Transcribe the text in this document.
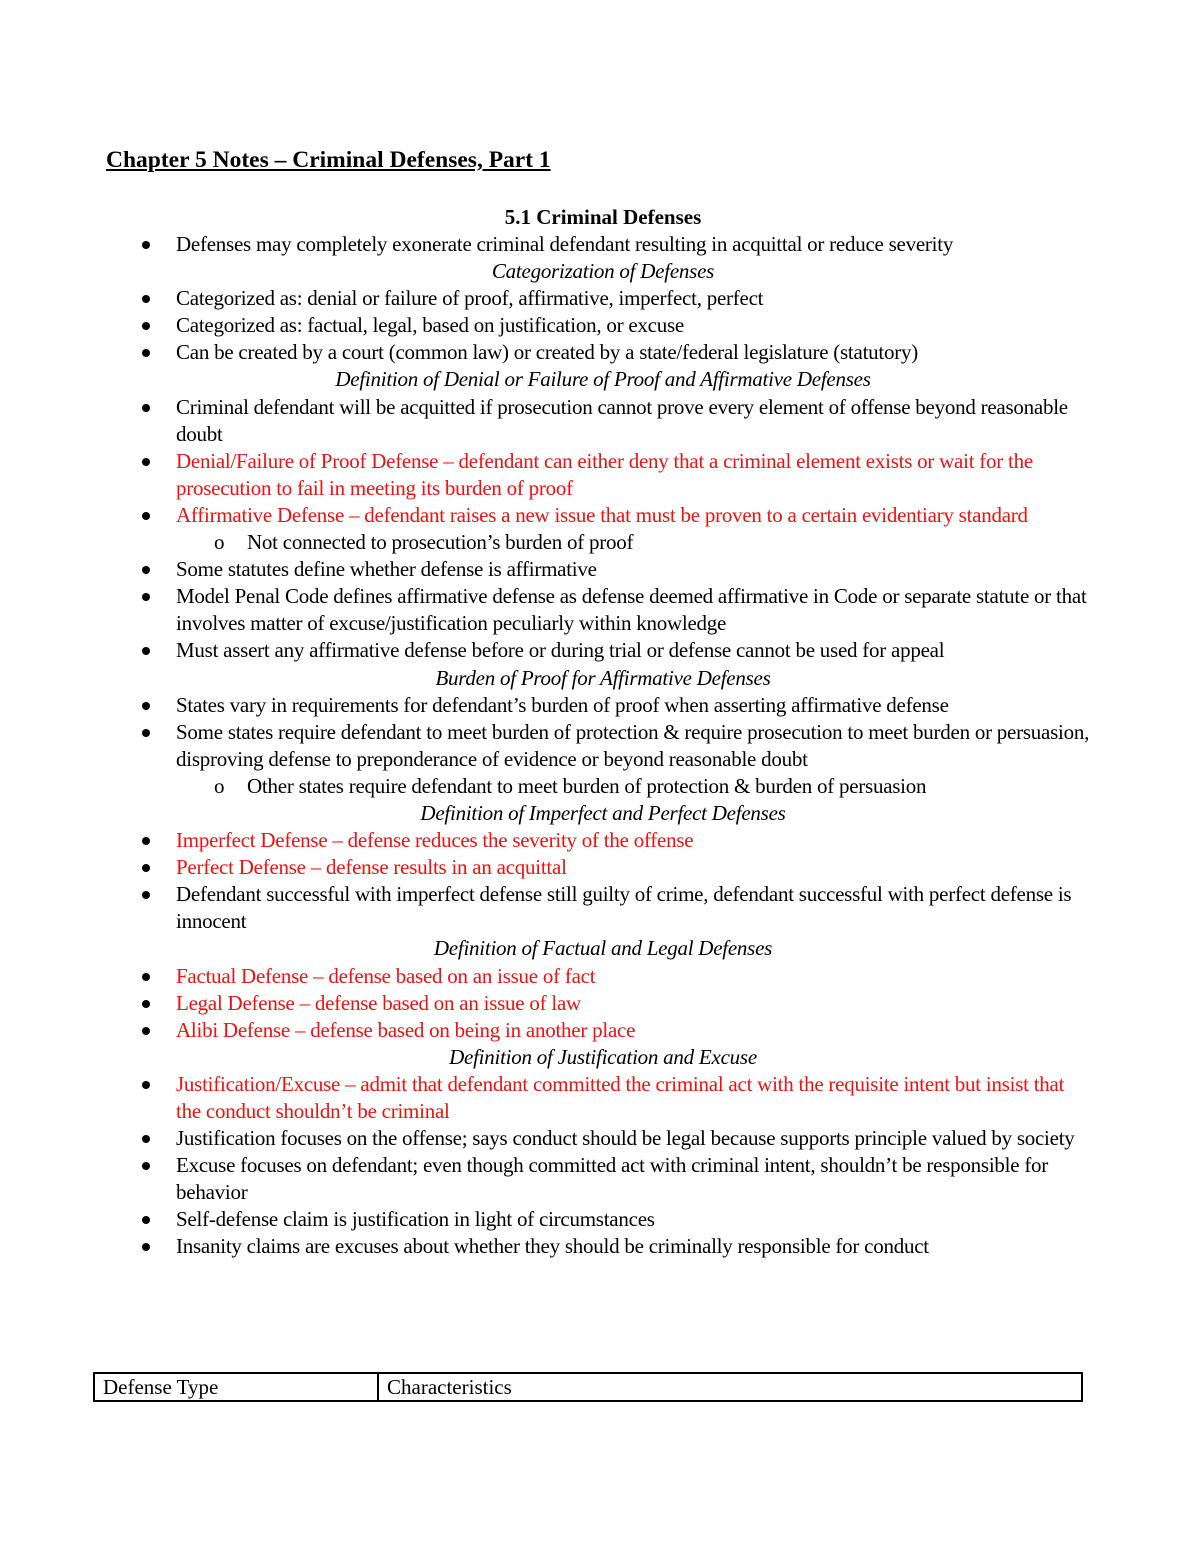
Chapter 5 Notes – Criminal Defenses, Part 1
5.1 Criminal Defenses
Defenses may completely exonerate criminal defendant resulting in acquittal or reduce severity
Categorization of Defenses
Categorized as: denial or failure of proof, affirmative, imperfect, perfect
Categorized as: factual, legal, based on justification, or excuse
Can be created by a court (common law) or created by a state/federal legislature (statutory)
Definition of Denial or Failure of Proof and Affirmative Defenses
Criminal defendant will be acquitted if prosecution cannot prove every element of offense beyond reasonable doubt
Denial/Failure of Proof Defense – defendant can either deny that a criminal element exists or wait for the prosecution to fail in meeting its burden of proof
Affirmative Defense – defendant raises a new issue that must be proven to a certain evidentiary standard
o Not connected to prosecution’s burden of proof
Some statutes define whether defense is affirmative
Model Penal Code defines affirmative defense as defense deemed affirmative in Code or separate statute or that involves matter of excuse/justification peculiarly within knowledge
Must assert any affirmative defense before or during trial or defense cannot be used for appeal
Burden of Proof for Affirmative Defenses
States vary in requirements for defendant’s burden of proof when asserting affirmative defense
Some states require defendant to meet burden of protection & require prosecution to meet burden or persuasion, disproving defense to preponderance of evidence or beyond reasonable doubt
o Other states require defendant to meet burden of protection & burden of persuasion
Definition of Imperfect and Perfect Defenses
Imperfect Defense – defense reduces the severity of the offense
Perfect Defense – defense results in an acquittal
Defendant successful with imperfect defense still guilty of crime, defendant successful with perfect defense is innocent
Definition of Factual and Legal Defenses
Factual Defense – defense based on an issue of fact
Legal Defense – defense based on an issue of law
Alibi Defense – defense based on being in another place
Definition of Justification and Excuse
Justification/Excuse – admit that defendant committed the criminal act with the requisite intent but insist that the conduct shouldn’t be criminal
Justification focuses on the offense; says conduct should be legal because supports principle valued by society
Excuse focuses on defendant; even though committed act with criminal intent, shouldn’t be responsible for behavior
Self-defense claim is justification in light of circumstances
Insanity claims are excuses about whether they should be criminally responsible for conduct
Defense Type	Characteristics
